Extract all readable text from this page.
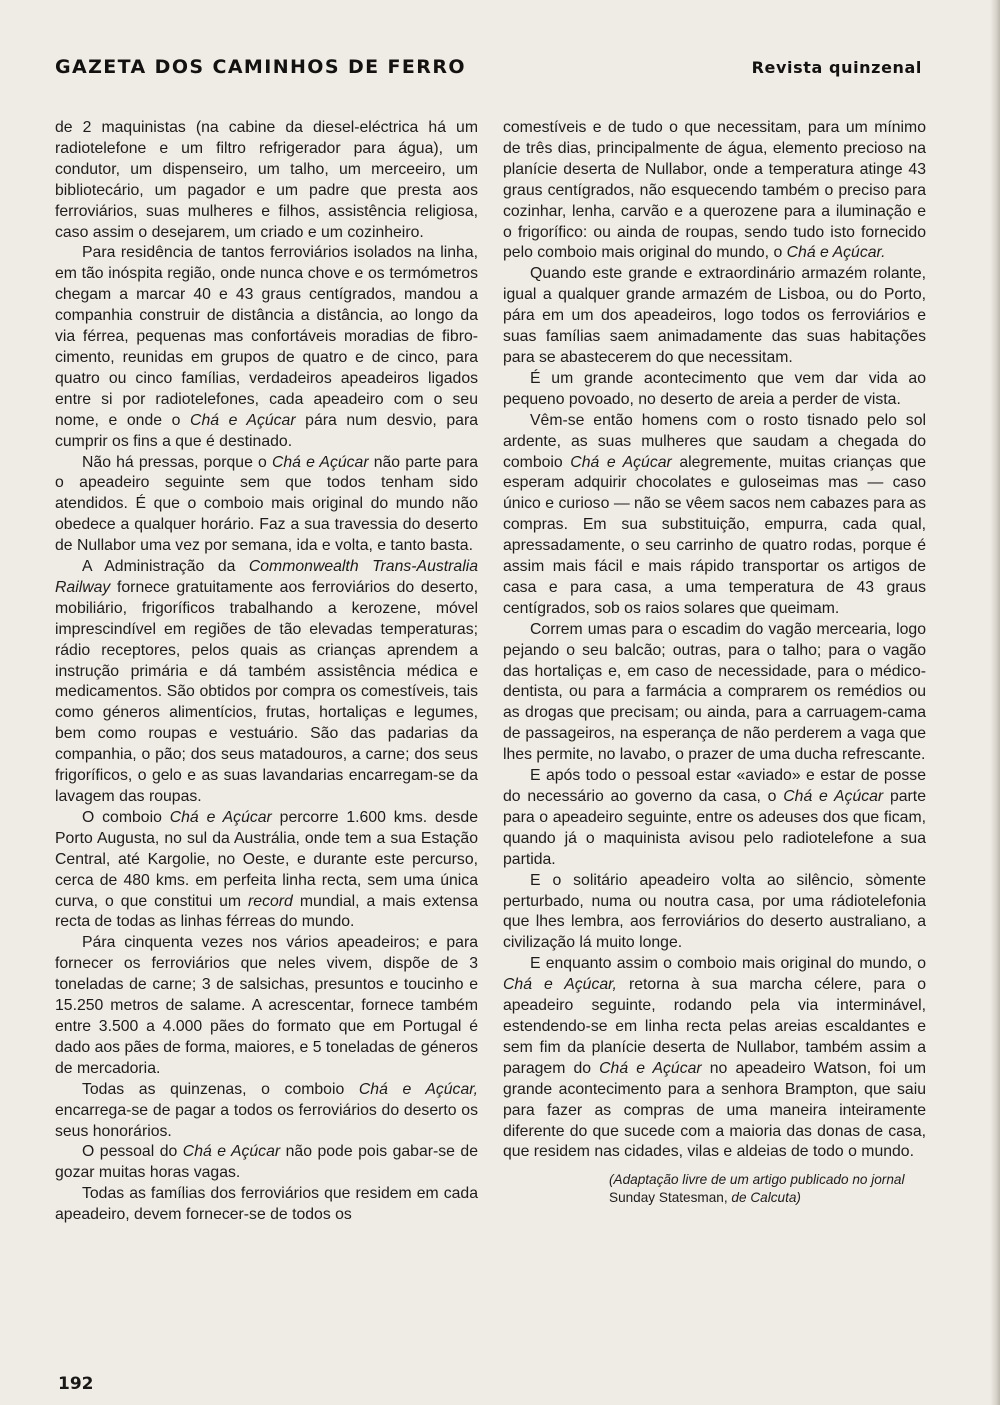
GAZETA DOS CAMINHOS DE FERRO	Revista quinzenal

de 2 maquinistas (na cabine da diesel-eléctrica há um radiotelefone e um filtro refrigerador para água), um condutor, um dispenseiro, um talho, um merceeiro, um bibliotecário, um pagador e um padre que presta aos ferroviários, suas mulheres e filhos, assistência religiosa, caso assim o desejarem, um criado e um cozinheiro.

Para residência de tantos ferroviários isolados na linha, em tão inóspita região, onde nunca chove e os termómetros chegam a marcar 40 e 43 graus centígrados, mandou a companhia construir de distância a distância, ao longo da via férrea, pequenas mas confortáveis moradias de fibro-cimento, reunidas em grupos de quatro e de cinco, para quatro ou cinco famílias, verdadeiros apeadeiros ligados entre si por radiotelefones, cada apeadeiro com o seu nome, e onde o Chá e Açúcar pára num desvio, para cumprir os fins a que é destinado.

Não há pressas, porque o Chá e Açúcar não parte para o apeadeiro seguinte sem que todos tenham sido atendidos. É que o comboio mais original do mundo não obedece a qualquer horário. Faz a sua travessia do deserto de Nullabor uma vez por semana, ida e volta, e tanto basta.

A Administração da Commonwealth Trans-Australia Railway fornece gratuitamente aos ferroviários do deserto, mobiliário, frigoríficos trabalhando a kerozene, móvel imprescindível em regiões de tão elevadas temperaturas; rádio receptores, pelos quais as crianças aprendem a instrução primária e dá também assistência médica e medicamentos. São obtidos por compra os comestíveis, tais como géneros alimentícios, frutas, hortaliças e legumes, bem como roupas e vestuário. São das padarias da companhia, o pão; dos seus matadouros, a carne; dos seus frigoríficos, o gelo e as suas lavandarias encarregam-se da lavagem das roupas.

O comboio Chá e Açúcar percorre 1.600 kms. desde Porto Augusta, no sul da Austrália, onde tem a sua Estação Central, até Kargolie, no Oeste, e durante este percurso, cerca de 480 kms. em perfeita linha recta, sem uma única curva, o que constitui um record mundial, a mais extensa recta de todas as linhas férreas do mundo.

Pára cinquenta vezes nos vários apeadeiros; e para fornecer os ferroviários que neles vivem, dispõe de 3 toneladas de carne; 3 de salsichas, presuntos e toucinho e 15.250 metros de salame. A acrescentar, fornece também entre 3.500 a 4.000 pães do formato que em Portugal é dado aos pães de forma, maiores, e 5 toneladas de géneros de mercadoria.

Todas as quinzenas, o comboio Chá e Açúcar, encarrega-se de pagar a todos os ferroviários do deserto os seus honorários.

O pessoal do Chá e Açúcar não pode pois gabar-se de gozar muitas horas vagas.

Todas as famílias dos ferroviários que residem em cada apeadeiro, devem fornecer-se de todos os

comestíveis e de tudo o que necessitam, para um mínimo de três dias, principalmente de água, elemento precioso na planície deserta de Nullabor, onde a temperatura atinge 43 graus centígrados, não esquecendo também o preciso para cozinhar, lenha, carvão e a querozene para a iluminação e o frigorífico: ou ainda de roupas, sendo tudo isto fornecido pelo comboio mais original do mundo, o Chá e Açúcar.

Quando este grande e extraordinário armazém rolante, igual a qualquer grande armazém de Lisboa, ou do Porto, pára em um dos apeadeiros, logo todos os ferroviários e suas famílias saem animadamente das suas habitações para se abastecerem do que necessitam.

É um grande acontecimento que vem dar vida ao pequeno povoado, no deserto de areia a perder de vista.

Vêm-se então homens com o rosto tisnado pelo sol ardente, as suas mulheres que saudam a chegada do comboio Chá e Açúcar alegremente, muitas crianças que esperam adquirir chocolates e guloseimas mas — caso único e curioso — não se vêem sacos nem cabazes para as compras. Em sua substituição, empurra, cada qual, apressadamente, o seu carrinho de quatro rodas, porque é assim mais fácil e mais rápido transportar os artigos de casa e para casa, a uma temperatura de 43 graus centígrados, sob os raios solares que queimam.

Correm umas para o escadim do vagão mercearia, logo pejando o seu balcão; outras, para o talho; para o vagão das hortaliças e, em caso de necessidade, para o médico-dentista, ou para a farmácia a comprarem os remédios ou as drogas que precisam; ou ainda, para a carruagem-cama de passageiros, na esperança de não perderem a vaga que lhes permite, no lavabo, o prazer de uma ducha refrescante.

E após todo o pessoal estar «aviado» e estar de posse do necessário ao governo da casa, o Chá e Açúcar parte para o apeadeiro seguinte, entre os adeuses dos que ficam, quando já o maquinista avisou pelo radiotelefone a sua partida.

E o solitário apeadeiro volta ao silêncio, sòmente perturbado, numa ou noutra casa, por uma rádiotelefonia que lhes lembra, aos ferroviários do deserto australiano, a civilização lá muito longe.

E enquanto assim o comboio mais original do mundo, o Chá e Açúcar, retorna à sua marcha célere, para o apeadeiro seguinte, rodando pela via interminável, estendendo-se em linha recta pelas areias escaldantes e sem fim da planície deserta de Nullabor, também assim a paragem do Chá e Açúcar no apeadeiro Watson, foi um grande acontecimento para a senhora Brampton, que saiu para fazer as compras de uma maneira inteiramente diferente do que sucede com a maioria das donas de casa, que residem nas cidades, vilas e aldeias de todo o mundo.

(Adaptação livre de um artigo publicado no jornal Sunday Statesman, de Calcuta)

192
